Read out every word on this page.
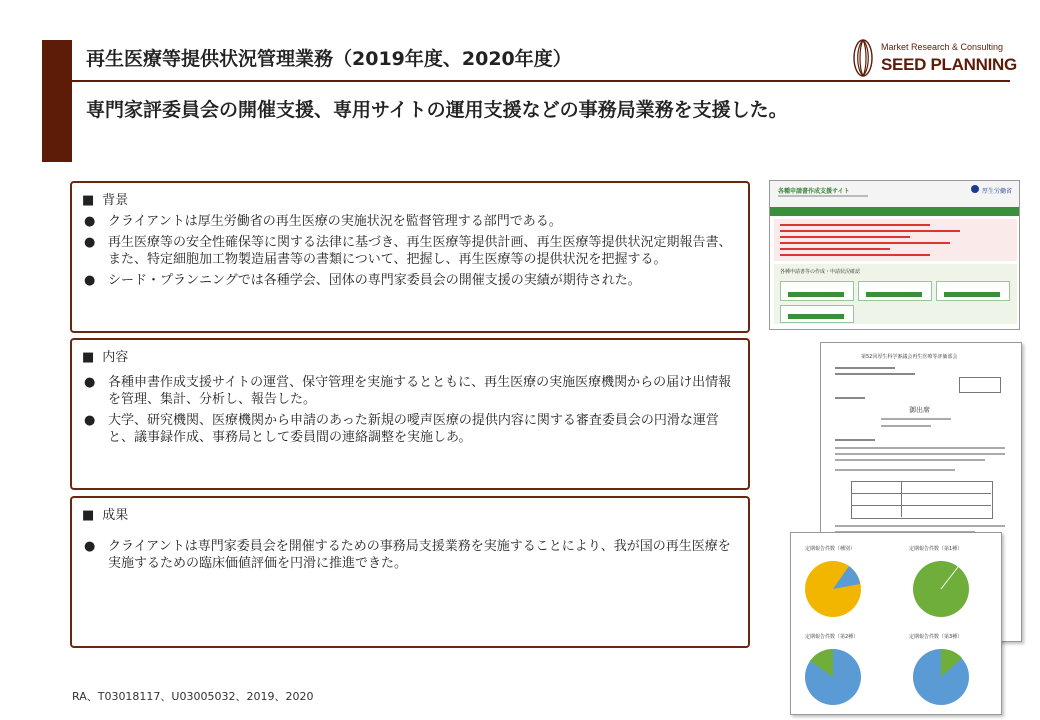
再生医療等提供状況管理業務（2019年度、2020年度）
専門家評委員会の開催支援、専用サイトの運用支援などの事務局業務を支援した。
Market Research & Consulting
SEED PLANNING
■ 背景
● クライアントは厚生労働省の再生医療の実施状況を監督管理する部門である。
● 再生医療等の安全性確保等に関する法律に基づき、再生医療等提供計画、再生医療等提供状況定期報告書、また、特定細胞加工物製造届書等の書類について、把握し、再生医療等の提供状況を把握する。
● シード・プランニングでは各種学会、団体の専門家委員会の開催支援の実績が期待された。
■ 内容
● 各種申書作成支援サイトの運営、保守管理を実施するとともに、再生医療の実施医療機関からの届け出情報を管理、集計、分析し、報告した。
● 大学、研究機関、医療機関から申請のあった新規の噯声医療の提供内容に関する審査委員会の円滑な運営と、議事録作成、事務局として委員間の連絡調整を実施しあ。
■ 成果
● クライアントは専門家委員会を開催するための事務局支援業務を実施することにより、我が国の再生医療を実施するための臨床価値評価を円滑に推進できた。
RA、T03018117、U03005032、2019、2020
各種申請書作成支援サイト	厚生労働省
各種申請書等の作成・申請状況確認
第52回厚生科学審議会再生医療等評価部会
御出席
定期報告件数（種別）	定期報告件数（第1種）
定期報告件数（第2種）	定期報告件数（第3種）
